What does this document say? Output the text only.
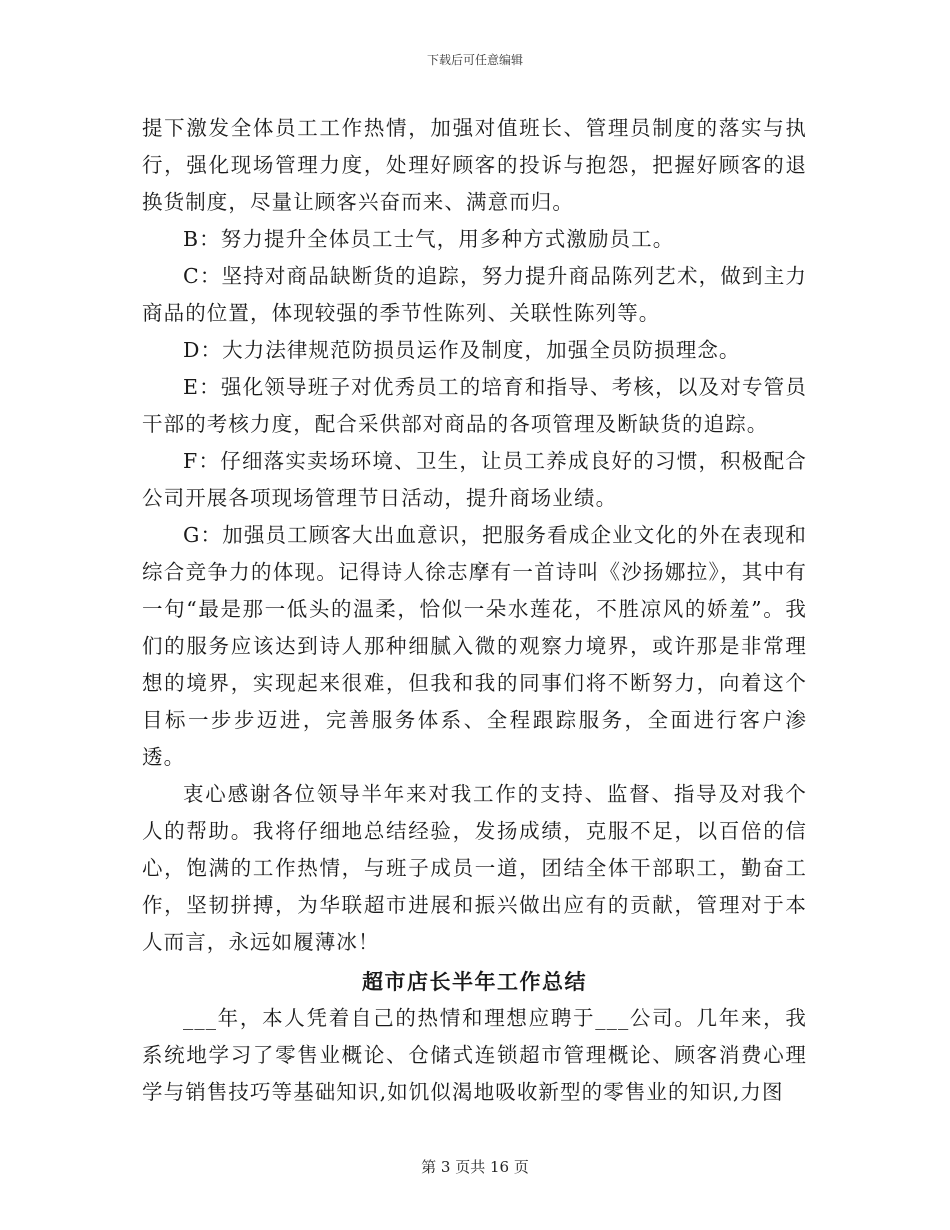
下载后可任意编辑

提下激发全体员工工作热情，加强对值班长、管理员制度的落实与执行，强化现场管理力度，处理好顾客的投诉与抱怨，把握好顾客的退换货制度，尽量让顾客兴奋而来、满意而归。

B：努力提升全体员工士气，用多种方式激励员工。

C：坚持对商品缺断货的追踪，努力提升商品陈列艺术，做到主力商品的位置，体现较强的季节性陈列、关联性陈列等。

D：大力法律规范防损员运作及制度，加强全员防损理念。

E：强化领导班子对优秀员工的培育和指导、考核，以及对专管员干部的考核力度，配合采供部对商品的各项管理及断缺货的追踪。

F：仔细落实卖场环境、卫生，让员工养成良好的习惯，积极配合公司开展各项现场管理节日活动，提升商场业绩。

G：加强员工顾客大出血意识，把服务看成企业文化的外在表现和综合竞争力的体现。记得诗人徐志摩有一首诗叫《沙扬娜拉》，其中有一句“最是那一低头的温柔，恰似一朵水莲花，不胜凉风的娇羞”。我们的服务应该达到诗人那种细腻入微的观察力境界，或许那是非常理想的境界，实现起来很难，但我和我的同事们将不断努力，向着这个目标一步步迈进，完善服务体系、全程跟踪服务，全面进行客户渗透。

衷心感谢各位领导半年来对我工作的支持、监督、指导及对我个人的帮助。我将仔细地总结经验，发扬成绩，克服不足，以百倍的信心，饱满的工作热情，与班子成员一道，团结全体干部职工，勤奋工作，坚韧拼搏，为华联超市进展和振兴做出应有的贡献，管理对于本人而言，永远如履薄冰！

超市店长半年工作总结

___年，本人凭着自己的热情和理想应聘于___公司。几年来，我系统地学习了零售业概论、仓储式连锁超市管理概论、顾客消费心理学与销售技巧等基础知识,如饥似渴地吸收新型的零售业的知识,力图

第 3 页共 16 页
